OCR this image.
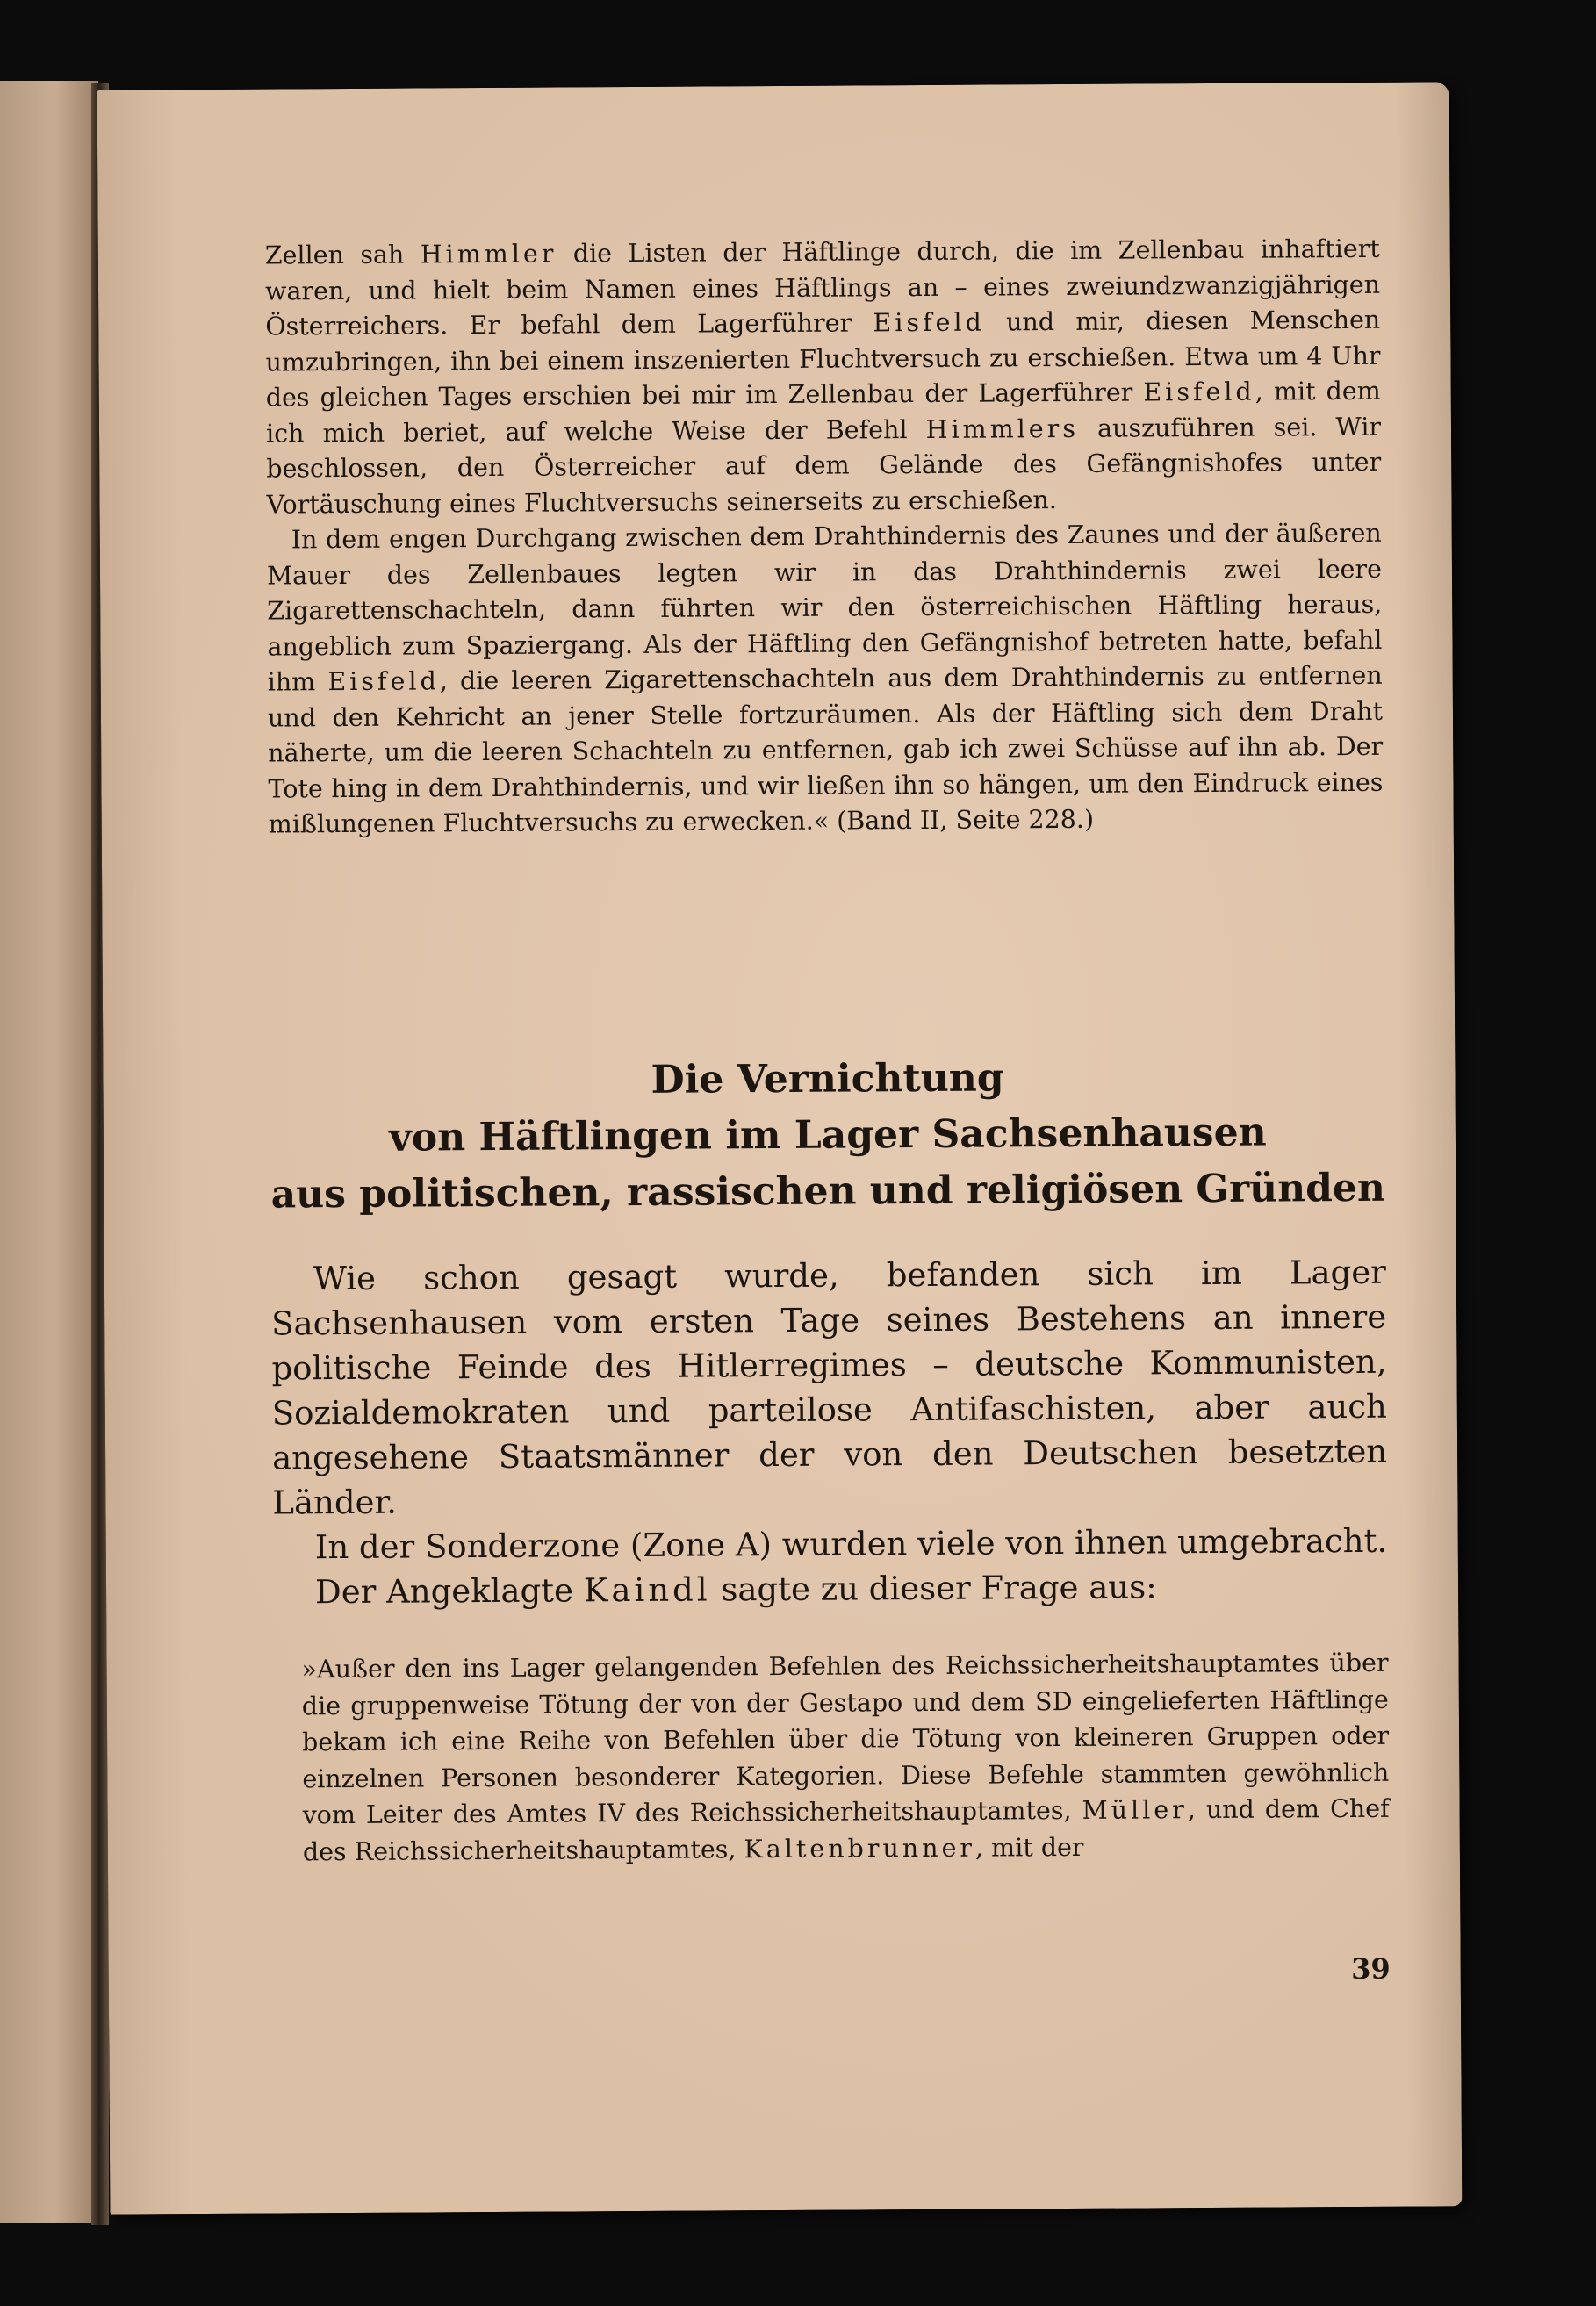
Zellen sah Himmler die Listen der Häftlinge durch, die im Zellenbau inhaftiert waren, und hielt beim Namen eines Häftlings an – eines zweiundzwanzigjährigen Österreichers. Er befahl dem Lagerführer Eisfeld und mir, diesen Menschen umzubringen, ihn bei einem inszenierten Fluchtversuch zu erschießen. Etwa um 4 Uhr des gleichen Tages erschien bei mir im Zellenbau der Lagerführer Eisfeld, mit dem ich mich beriet, auf welche Weise der Befehl Himmlers auszuführen sei. Wir beschlossen, den Österreicher auf dem Gelände des Gefängnishofes unter Vortäuschung eines Fluchtversuchs seinerseits zu erschießen.

In dem engen Durchgang zwischen dem Drahthindernis des Zaunes und der äußeren Mauer des Zellenbaues legten wir in das Drahthindernis zwei leere Zigarettenschachteln, dann führten wir den österreichischen Häftling heraus, angeblich zum Spaziergang. Als der Häftling den Gefängnishof betreten hatte, befahl ihm Eisfeld, die leeren Zigarettenschachteln aus dem Drahthindernis zu entfernen und den Kehricht an jener Stelle fortzuräumen. Als der Häftling sich dem Draht näherte, um die leeren Schachteln zu entfernen, gab ich zwei Schüsse auf ihn ab. Der Tote hing in dem Drahthindernis, und wir ließen ihn so hängen, um den Eindruck eines mißlungenen Fluchtversuchs zu erwecken.« (Band II, Seite 228.)

Die Vernichtung
von Häftlingen im Lager Sachsenhausen
aus politischen, rassischen und religiösen Gründen

Wie schon gesagt wurde, befanden sich im Lager Sachsenhausen vom ersten Tage seines Bestehens an innere politische Feinde des Hitlerregimes – deutsche Kommunisten, Sozialdemokraten und parteilose Antifaschisten, aber auch angesehene Staatsmänner der von den Deutschen besetzten Länder.

In der Sonderzone (Zone A) wurden viele von ihnen umgebracht.

Der Angeklagte Kaindl sagte zu dieser Frage aus:

»Außer den ins Lager gelangenden Befehlen des Reichssicherheitshauptamtes über die gruppenweise Tötung der von der Gestapo und dem SD eingelieferten Häftlinge bekam ich eine Reihe von Befehlen über die Tötung von kleineren Gruppen oder einzelnen Personen besonderer Kategorien. Diese Befehle stammten gewöhnlich vom Leiter des Amtes IV des Reichssicherheitshauptamtes, Müller, und dem Chef des Reichssicherheitshauptamtes, Kaltenbrunner, mit der

39
